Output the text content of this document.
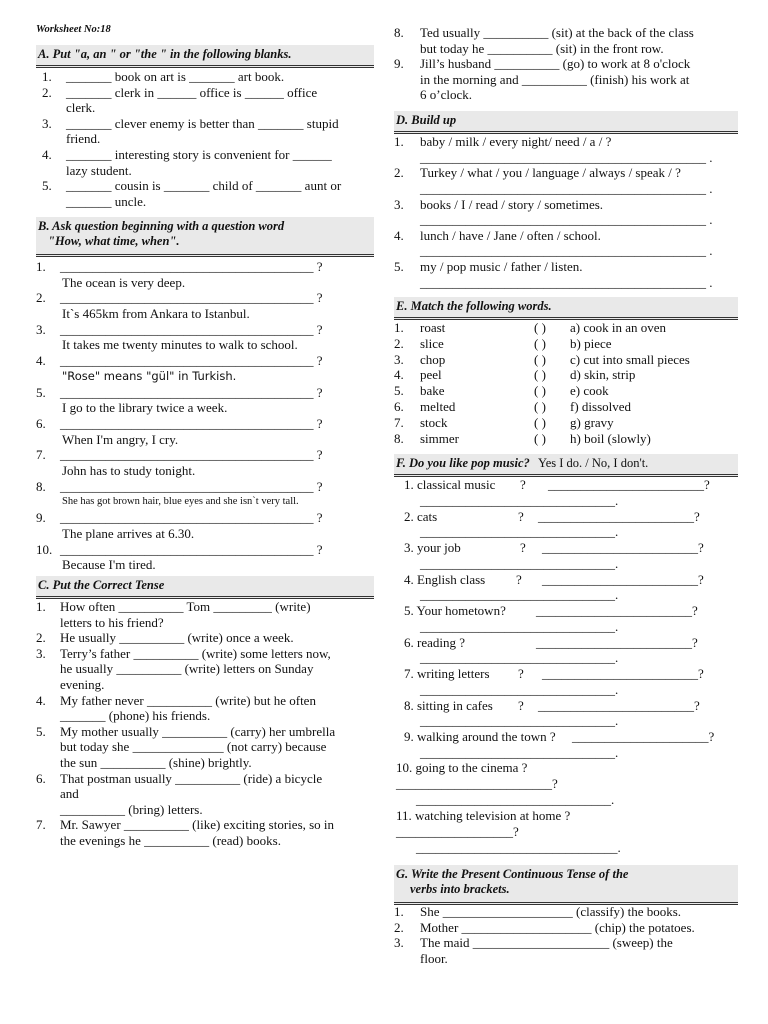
Worksheet No:18
A. Put "a, an " or "the " in the following blanks.
1. _______ book on art is _______ art book.
2. _______ clerk in ______ office is ______ office
clerk.
3. _______ clever enemy is better than _______ stupid
friend.
4. _______ interesting story is convenient for ______
lazy student.
5. _______ cousin is _______ child of _______ aunt or
_______ uncle.
B. Ask question beginning with a question word
"How, what time, when".
1. _______________________________________ ?
The ocean is very deep.
2. _______________________________________ ?
It`s 465km from Ankara to Istanbul.
3. _______________________________________ ?
It takes me twenty minutes to walk to school.
4. _______________________________________ ?
"Rose" means "gül" in Turkish.
5. _______________________________________ ?
I go to the library twice a week.
6. _______________________________________ ?
When I'm angry, I cry.
7. _______________________________________ ?
John has to study tonight.
8. _______________________________________ ?
She has got brown hair, blue eyes and she isn`t very tall.
9. _______________________________________ ?
The plane arrives at 6.30.
10. _______________________________________ ?
Because I'm tired.
C. Put the Correct Tense
1. How often __________ Tom _________ (write)
letters to his friend?
2. He usually __________ (write) once a week.
3. Terry’s father __________ (write) some letters now,
he usually __________ (write) letters on Sunday
evening.
4. My father never __________ (write) but he often
_______ (phone) his friends.
5. My mother usually __________ (carry) her umbrella
but today she ______________ (not carry) because
the sun __________ (shine) brightly.
6. That postman usually __________ (ride) a bicycle
and
__________ (bring) letters.
7. Mr. Sawyer __________ (like) exciting stories, so in
the evenings he __________ (read) books.
8. Ted usually __________ (sit) at the back of the class
but today he __________ (sit) in the front row.
9. Jill’s husband __________ (go) to work at 8 o'clock
in the morning and __________ (finish) his work at
6 o’clock.
D. Build up
1. baby / milk / every night/ need / a / ?
____________________________________________ .
2. Turkey / what / you / language / always / speak / ?
____________________________________________ .
3. books / I / read / story / sometimes.
____________________________________________ .
4. lunch / have / Jane / often / school.
____________________________________________ .
5. my / pop music / father / listen.
____________________________________________ .
E. Match the following words.
1. roast	( ) a) cook in an oven
2. slice	( ) b) piece
3. chop	( ) c) cut into small pieces
4. peel	( ) d) skin, strip
5. bake	( ) e) cook
6. melted	( ) f) dissolved
7. stock	( ) g) gravy
8. simmer	( ) h) boil (slowly)
F. Do you like pop music? Yes I do. / No, I don't.
10. going to the cinema ?
________________________?
______________________________.
11. watching television at home ?
__________________?
_______________________________.
1. classical music ? ________________________?
______________________________.
2. cats	? ________________________?
______________________________.
3. your job	? ________________________?
______________________________.
4. English class ? ________________________?
______________________________.
5. Your hometown? ________________________?
______________________________.
6. reading ?	________________________?
______________________________.
7. writing letters ? ________________________?
______________________________.
8. sitting in cafes ? ________________________?
______________________________.
9. walking around the town ? _____________________?
______________________________.
G. Write the Present Continuous Tense of the
verbs into brackets.
1. She ____________________ (classify) the books.
2. Mother ____________________ (chip) the potatoes.
3. The maid _____________________ (sweep) the
floor.
